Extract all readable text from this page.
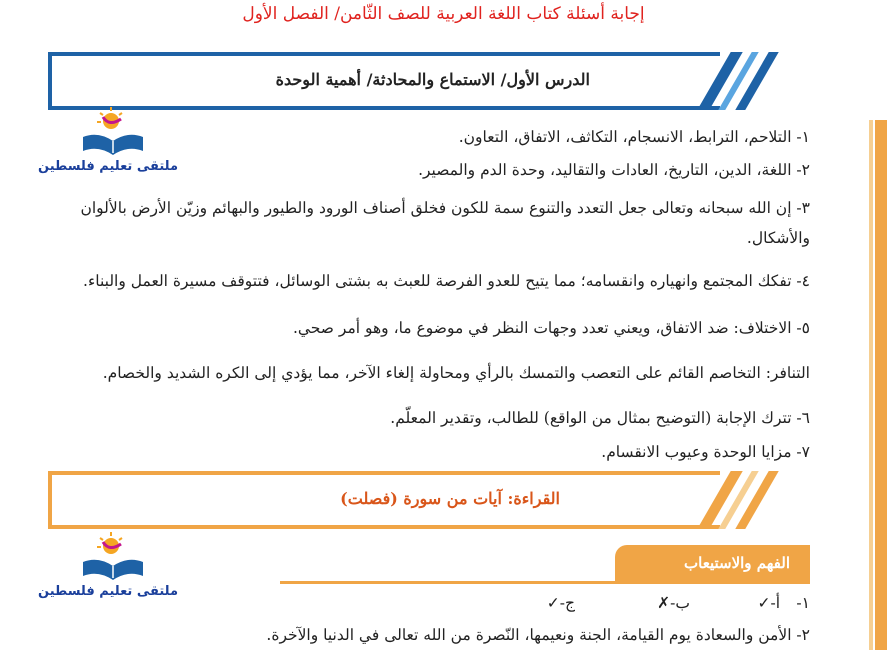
إجابة أسئلة كتاب اللغة العربية للصف الثّامن/ الفصل الأول
الدرس الأول/ الاستماع والمحادثة/ أهمية الوحدة
ملتقى تعليم فلسطين
١- التلاحم، الترابط، الانسجام، التكاثف، الاتفاق، التعاون.
٢- اللغة، الدين، التاريخ، العادات والتقاليد، وحدة الدم والمصير.
٣- إن الله سبحانه وتعالى جعل التعدد والتنوع سمة للكون فخلق أصناف الورود والطيور والبهائم وزيّن الأرض بالألوان والأشكال.
٤- تفكك المجتمع وانهياره وانقسامه؛ مما يتيح للعدو الفرصة للعبث به بشتى الوسائل، فتتوقف مسيرة العمل والبناء.
٥- الاختلاف: ضد الاتفاق، ويعني تعدد وجهات النظر في موضوع ما، وهو أمر صحي.
التنافر: التخاصم القائم على التعصب والتمسك بالرأي ومحاولة إلغاء الآخر، مما يؤدي إلى الكره الشديد والخصام.
٦- تترك الإجابة (التوضيح بمثال من الواقع) للطالب، وتقدير المعلّم.
٧- مزايا الوحدة وعيوب الانقسام.
القراءة: آيات من سورة (فصلت)
ملتقى تعليم فلسطين
الفهم والاستيعاب
١-
أ-✓
ب-✗
ج-✓
٢- الأمن والسعادة يوم القيامة، الجنة ونعيمها، النّصرة من الله تعالى في الدنيا والآخرة.
